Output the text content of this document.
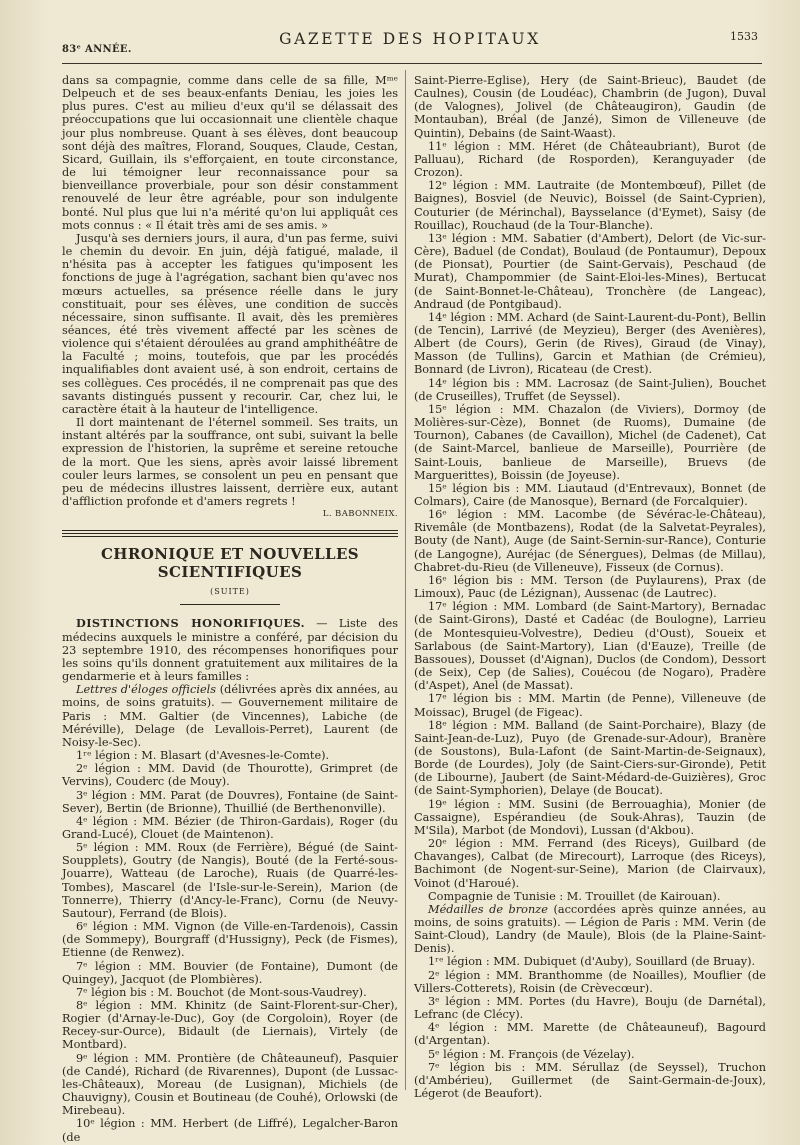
83ᵉ ANNÉE.
GAZETTE DES HOPITAUX	1533

dans sa compagnie, comme dans celle de sa fille, Mᵐᵉ Delpeuch et de ses beaux-enfants Deniau, les joies les plus pures. C'est au milieu d'eux qu'il se délassait des préoccupations que lui occasionnait une clientèle chaque jour plus nombreuse. Quant à ses élèves, dont beaucoup sont déjà des maîtres, Florand, Souques, Claude, Cestan, Sicard, Guillain, ils s'efforçaient, en toute circonstance, de lui témoigner leur reconnaissance pour sa bienveillance proverbiale, pour son désir constamment renouvelé de leur être agréable, pour son indulgente bonté. Nul plus que lui n'a mérité qu'on lui appliquât ces mots connus : « Il était très ami de ses amis. »

Jusqu'à ses derniers jours, il aura, d'un pas ferme, suivi le chemin du devoir. En juin, déjà fatigué, malade, il n'hésita pas à accepter les fatigues qu'imposent les fonctions de juge à l'agrégation, sachant bien qu'avec nos mœurs actuelles, sa présence réelle dans le jury constituait, pour ses élèves, une condition de succès nécessaire, sinon suffisante. Il avait, dès les premières séances, été très vivement affecté par les scènes de violence qui s'étaient déroulées au grand amphithéâtre de la Faculté ; moins, toutefois, que par les procédés inqualifiables dont avaient usé, à son endroit, certains de ses collègues. Ces procédés, il ne comprenait pas que des savants distingués pussent y recourir. Car, chez lui, le caractère était à la hauteur de l'intelligence.

Il dort maintenant de l'éternel sommeil. Ses traits, un instant altérés par la souffrance, ont subi, suivant la belle expression de l'historien, la suprême et sereine retouche de la mort. Que les siens, après avoir laissé librement couler leurs larmes, se consolent un peu en pensant que peu de médecins illustres laissent, derrière eux, autant d'affliction profonde et d'amers regrets !

L. BABONNEIX.
CHRONIQUE ET NOUVELLES SCIENTIFIQUES
(SUITE)

DISTINCTIONS HONORIFIQUES. — Liste des médecins auxquels le ministre a conféré, par décision du 23 septembre 1910, des récompenses honorifiques pour les soins qu'ils donnent gratuitement aux militaires de la gendarmerie et à leurs familles :

Lettres d'éloges officiels (délivrées après dix années, au moins, de soins gratuits). — Gouvernement militaire de Paris : MM. Galtier (de Vincennes), Labiche (de Méréville), Delage (de Levallois-Perret), Laurent (de Noisy-le-Sec).

1ʳᵉ légion : M. Blasart (d'Avesnes-le-Comte).

2ᵉ légion : MM. David (de Thourotte), Grimpret (de Vervins), Couderc (de Mouy).

3ᵉ légion : MM. Parat (de Douvres), Fontaine (de Saint-Sever), Bertin (de Brionne), Thuillié (de Berthenonville).

4ᵉ légion : MM. Bézier (de Thiron-Gardais), Roger (du Grand-Lucé), Clouet (de Maintenon).

5ᵉ légion : MM. Roux (de Ferrière), Bégué (de Saint-Soupplets), Goutry (de Nangis), Bouté (de la Ferté-sous-Jouarre), Watteau (de Laroche), Ruais (de Quarré-les-Tombes), Mascarel (de l'Isle-sur-le-Serein), Marion (de Tonnerre), Thierry (d'Ancy-le-Franc), Cornu (de Neuvy-Sautour), Ferrand (de Blois).

6ᵉ légion : MM. Vignon (de Ville-en-Tardenois), Cassin (de Sommepy), Bourgraff (d'Hussigny), Peck (de Fismes), Etienne (de Renwez).

7ᵉ légion : MM. Bouvier (de Fontaine), Dumont (de Quingey), Jacquot (de Plombières).

7ᵉ légion bis : M. Bouchot (de Mont-sous-Vaudrey).

8ᵉ légion : MM. Khinitz (de Saint-Florent-sur-Cher), Rogier (d'Arnay-le-Duc), Goy (de Corgoloin), Royer (de Recey-sur-Ource), Bidault (de Liernais), Virtely (de Montbard).

9ᵉ légion : MM. Prontière (de Châteauneuf), Pasquier (de Candé), Richard (de Rivarennes), Dupont (de Lussac-les-Châteaux), Moreau (de Lusignan), Michiels (de Chauvigny), Cousin et Boutineau (de Couhé), Orlowski (de Mirebeau).

10ᵉ légion : MM. Herbert (de Liffré), Legalcher-Baron (de

Saint-Pierre-Eglise), Hery (de Saint-Brieuc), Baudet (de Caulnes), Cousin (de Loudéac), Chambrin (de Jugon), Duval (de Valognes), Jolivel (de Châteaugiron), Gaudin (de Montauban), Bréal (de Janzé), Simon de Villeneuve (de Quintin), Debains (de Saint-Waast).

11ᵉ légion : MM. Héret (de Châteaubriant), Burot (de Palluau), Richard (de Rosporden), Keranguyader (de Crozon).

12ᵉ légion : MM. Lautraite (de Montembœuf), Pillet (de Baignes), Bosviel (de Neuvic), Boissel (de Saint-Cyprien), Couturier (de Mérinchal), Baysselance (d'Eymet), Saisy (de Rouillac), Rouchaud (de la Tour-Blanche).

13ᵉ légion : MM. Sabatier (d'Ambert), Delort (de Vic-sur-Cère), Baduel (de Condat), Boulaud (de Pontaumur), Depoux (de Pionsat), Pourtier (de Saint-Gervais), Peschaud (de Murat), Champommier (de Saint-Eloi-les-Mines), Bertucat (de Saint-Bonnet-le-Château), Tronchère (de Langeac), Andraud (de Pontgibaud).

14ᵉ légion : MM. Achard (de Saint-Laurent-du-Pont), Bellin (de Tencin), Larrivé (de Meyzieu), Berger (des Avenières), Albert (de Cours), Gerin (de Rives), Giraud (de Vinay), Masson (de Tullins), Garcin et Mathian (de Crémieu), Bonnard (de Livron), Ricateau (de Crest).

14ᵉ légion bis : MM. Lacrosaz (de Saint-Julien), Bouchet (de Cruseilles), Truffet (de Seyssel).

15ᵉ légion : MM. Chazalon (de Viviers), Dormoy (de Molières-sur-Cèze), Bonnet (de Ruoms), Dumaine (de Tournon), Cabanes (de Cavaillon), Michel (de Cadenet), Cat (de Saint-Marcel, banlieue de Marseille), Pourrière (de Saint-Louis, banlieue de Marseille), Bruevs (de Marguerittes), Boissin (de Joyeuse).

15ᵉ légion bis : MM. Liautaud (d'Entrevaux), Bonnet (de Colmars), Caire (de Manosque), Bernard (de Forcalquier).

16ᵉ légion : MM. Lacombe (de Sévérac-le-Château), Rivemâle (de Montbazens), Rodat (de la Salvetat-Peyrales), Bouty (de Nant), Auge (de Saint-Sernin-sur-Rance), Conturie (de Langogne), Auréjac (de Sénergues), Delmas (de Millau), Chabret-du-Rieu (de Villeneuve), Fisseux (de Cornus).

16ᵉ légion bis : MM. Terson (de Puylaurens), Prax (de Limoux), Pauc (de Lézignan), Aussenac (de Lautrec).

17ᵉ légion : MM. Lombard (de Saint-Martory), Bernadac (de Saint-Girons), Dasté et Cadéac (de Boulogne), Larrieu (de Montesquieu-Volvestre), Dedieu (d'Oust), Soueix et Sarlabous (de Saint-Martory), Lian (d'Eauze), Treille (de Bassoues), Dousset (d'Aignan), Duclos (de Condom), Dessort (de Seix), Cep (de Salies), Couécou (de Nogaro), Pradère (d'Aspet), Anel (de Massat).

17ᵉ légion bis : MM. Martin (de Penne), Villeneuve (de Moissac), Brugel (de Figeac).

18ᵉ légion : MM. Balland (de Saint-Porchaire), Blazy (de Saint-Jean-de-Luz), Puyo (de Grenade-sur-Adour), Branère (de Soustons), Bula-Lafont (de Saint-Martin-de-Seignaux), Borde (de Lourdes), Joly (de Saint-Ciers-sur-Gironde), Petit (de Libourne), Jaubert (de Saint-Médard-de-Guizières), Groc (de Saint-Symphorien), Delaye (de Boucat).

19ᵉ légion : MM. Susini (de Berrouaghia), Monier (de Cassaigne), Espérandieu (de Souk-Ahras), Tauzin (de M'Sila), Marbot (de Mondovi), Lussan (d'Akbou).

20ᵉ légion : MM. Ferrand (des Riceys), Guilbard (de Chavanges), Calbat (de Mirecourt), Larroque (des Riceys), Bachimont (de Nogent-sur-Seine), Marion (de Clairvaux), Voinot (d'Haroué).

Compagnie de Tunisie : M. Trouillet (de Kairouan).

Médailles de bronze (accordées après quinze années, au moins, de soins gratuits). — Légion de Paris : MM. Verin (de Saint-Cloud), Landry (de Maule), Blois (de la Plaine-Saint-Denis).

1ʳᵉ légion : MM. Dubiquet (d'Auby), Souillard (de Bruay).

2ᵉ légion : MM. Branthomme (de Noailles), Mouflier (de Villers-Cotterets), Roisin (de Crèvecœur).

3ᵉ légion : MM. Portes (du Havre), Bouju (de Darnétal), Lefranc (de Clécy).

4ᵉ légion : MM. Marette (de Châteauneuf), Bagourd (d'Argentan).

5ᵉ légion : M. François (de Vézelay).

7ᵉ légion bis : MM. Sérullaz (de Seyssel), Truchon (d'Ambérieu), Guillermet (de Saint-Germain-de-Joux), Légerot (de Beaufort).
